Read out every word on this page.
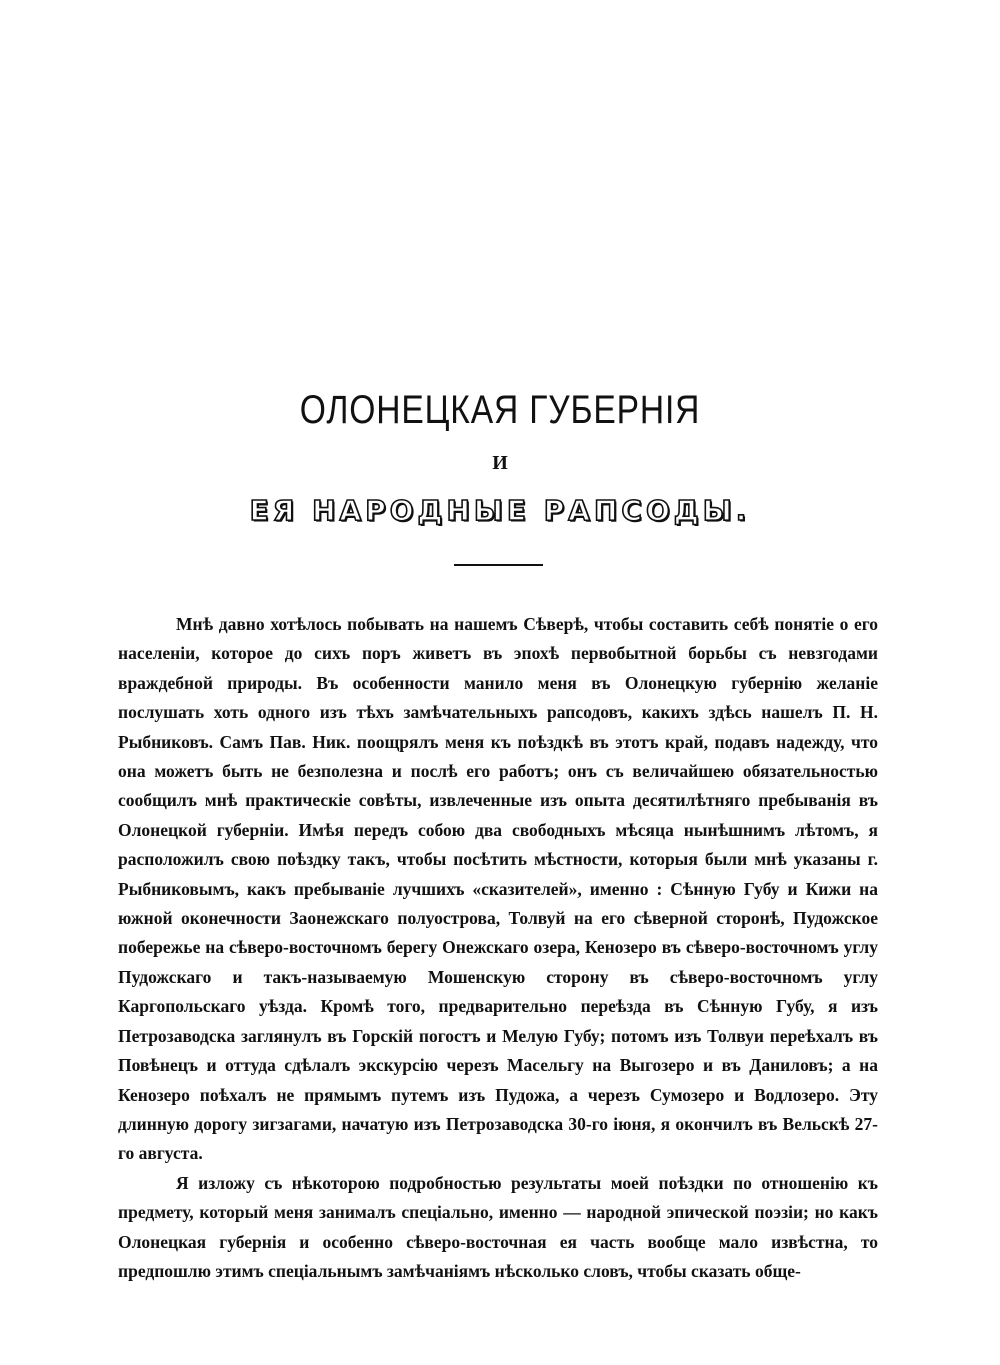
ОЛОНЕЦКАЯ ГУБЕРНІЯ
И
ЕЯ НАРОДНЫЕ РАПСОДЫ.

Мнѣ давно хотѣлось побывать на нашемъ Сѣверѣ, чтобы составить себѣ понятіе о его населеніи, которое до сихъ поръ живетъ въ эпохѣ первобытной борьбы съ невзгодами враждебной природы. Въ особенности манило меня въ Олонецкую губернію желаніе послушать хоть одного изъ тѣхъ замѣчательныхъ рапсодовъ, какихъ здѣсь нашелъ П. Н. Рыбниковъ. Самъ Пав. Ник. поощрялъ меня къ поѣздкѣ въ этотъ край, подавъ надежду, что она можетъ быть не безполезна и послѣ его работъ; онъ съ величайшею обязательностью сообщилъ мнѣ практическіе совѣты, извлеченные изъ опыта десятилѣтняго пребыванія въ Олонецкой губерніи. Имѣя передъ собою два свободныхъ мѣсяца нынѣшнимъ лѣтомъ, я расположилъ свою поѣздку такъ, чтобы посѣтить мѣстности, которыя были мнѣ указаны г. Рыбниковымъ, какъ пребываніе лучшихъ «сказителей», именно : Сѣнную Губу и Кижи на южной оконечности Заонежскаго полуострова, Толвуй на его сѣверной сторонѣ, Пудожское побережье на сѣверо-восточномъ берегу Онежскаго озера, Кенозеро въ сѣверо-восточномъ углу Пудожскаго и такъ-называемую Мошенскую сторону въ сѣверо-восточномъ углу Каргопольскаго уѣзда. Кромѣ того, предварительно переѣзда въ Сѣнную Губу, я изъ Петрозаводска заглянулъ въ Горскій погостъ и Мелую Губу; потомъ изъ Толвуи переѣхалъ въ Повѣнецъ и оттуда сдѣлалъ экскурсію черезъ Масельгу на Выгозеро и въ Даниловъ; а на Кенозеро поѣхалъ не прямымъ путемъ изъ Пудожа, а черезъ Сумозеро и Водлозеро. Эту длинную дорогу зигзагами, начатую изъ Петрозаводска 30-го іюня, я окончилъ въ Вельскѣ 27-го августа.

Я изложу съ нѣкоторою подробностью результаты моей поѣздки по отношенію къ предмету, который меня занималъ спеціально, именно — народной эпической поэзіи; но какъ Олонецкая губернія и особенно сѣверо-восточная ея часть вообще мало извѣстна, то предпошлю этимъ спеціальнымъ замѣчаніямъ нѣсколько словъ, чтобы сказать обще-
